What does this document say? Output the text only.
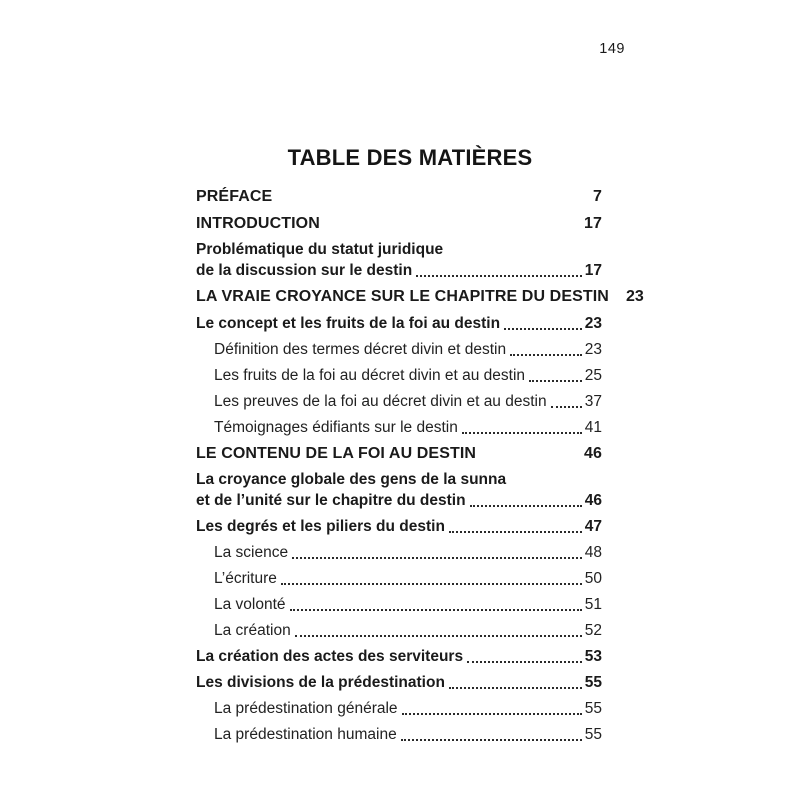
149
TABLE DES MATIÈRES
PRÉFACE	7
INTRODUCTION	17
Problématique du statut juridique
de la discussion sur le destin	17
LA VRAIE CROYANCE SUR LE CHAPITRE DU DESTIN 23
Le concept et les fruits de la foi au destin	23
Définition des termes décret divin et destin	23
Les fruits de la foi au décret divin et au destin	25
Les preuves de la foi au décret divin et au destin 37
Témoignages édifiants sur le destin	41
LE CONTENU DE LA FOI AU DESTIN	46
La croyance globale des gens de la sunna
et de l’unité sur le chapitre du destin	46
Les degrés et les piliers du destin	47
La science	48
L’écriture	50
La volonté	51
La création	52
La création des actes des serviteurs	53
Les divisions de la prédestination	55
La prédestination générale	55
La prédestination humaine	55
